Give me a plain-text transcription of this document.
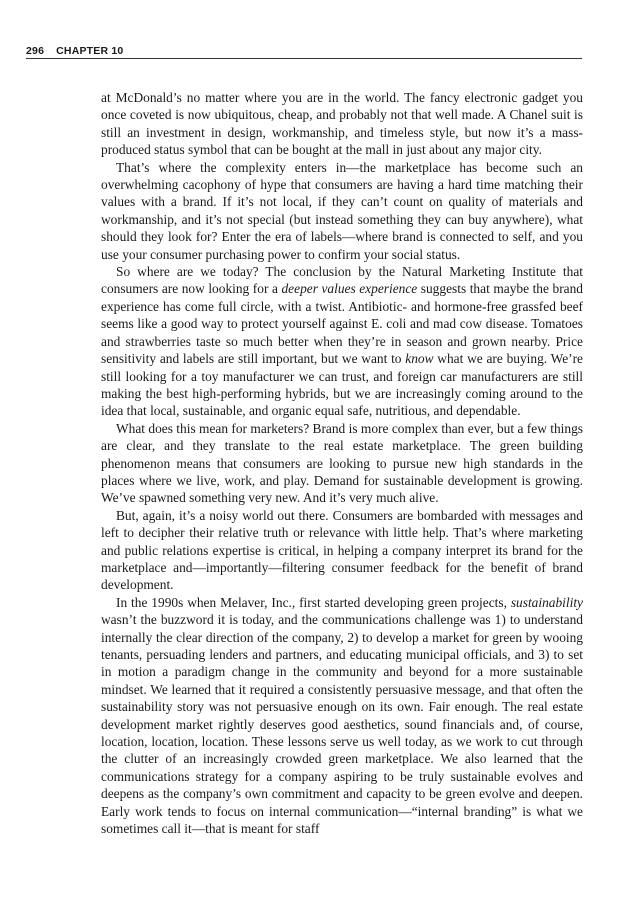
296 CHAPTER 10

at McDonald’s no matter where you are in the world. The fancy electronic gadget you once coveted is now ubiquitous, cheap, and probably not that well made. A Chanel suit is still an investment in design, workmanship, and timeless style, but now it’s a mass-produced status symbol that can be bought at the mall in just about any major city.

That’s where the complexity enters in—the marketplace has become such an overwhelming cacophony of hype that consumers are having a hard time matching their values with a brand. If it’s not local, if they can’t count on quality of materials and workmanship, and it’s not special (but instead something they can buy anywhere), what should they look for? Enter the era of labels—where brand is connected to self, and you use your consumer purchasing power to confirm your social status.

So where are we today? The conclusion by the Natural Marketing Institute that consumers are now looking for a deeper values experience suggests that maybe the brand experience has come full circle, with a twist. Antibiotic- and hormone-free grassfed beef seems like a good way to protect yourself against E. coli and mad cow disease. Tomatoes and strawberries taste so much better when they’re in season and grown nearby. Price sensitivity and labels are still important, but we want to know what we are buying. We’re still looking for a toy manufacturer we can trust, and foreign car manufacturers are still making the best high-performing hybrids, but we are increasingly coming around to the idea that local, sustainable, and organic equal safe, nutritious, and dependable.

What does this mean for marketers? Brand is more complex than ever, but a few things are clear, and they translate to the real estate marketplace. The green building phenomenon means that consumers are looking to pursue new high standards in the places where we live, work, and play. Demand for sustainable development is growing. We’ve spawned something very new. And it’s very much alive.

But, again, it’s a noisy world out there. Consumers are bombarded with messages and left to decipher their relative truth or relevance with little help. That’s where marketing and public relations expertise is critical, in helping a company interpret its brand for the marketplace and—importantly—filtering consumer feedback for the benefit of brand development.

In the 1990s when Melaver, Inc., first started developing green projects, sustainability wasn’t the buzzword it is today, and the communications challenge was 1) to understand internally the clear direction of the company, 2) to develop a market for green by wooing tenants, persuading lenders and partners, and educating municipal officials, and 3) to set in motion a paradigm change in the community and beyond for a more sustainable mindset. We learned that it required a consistently persuasive message, and that often the sustainability story was not persuasive enough on its own. Fair enough. The real estate development market rightly deserves good aesthetics, sound financials and, of course, location, location, location. These lessons serve us well today, as we work to cut through the clutter of an increasingly crowded green marketplace. We also learned that the communications strategy for a company aspiring to be truly sustainable evolves and deepens as the company’s own commitment and capacity to be green evolve and deepen. Early work tends to focus on internal communication—“internal branding” is what we sometimes call it—that is meant for staff
